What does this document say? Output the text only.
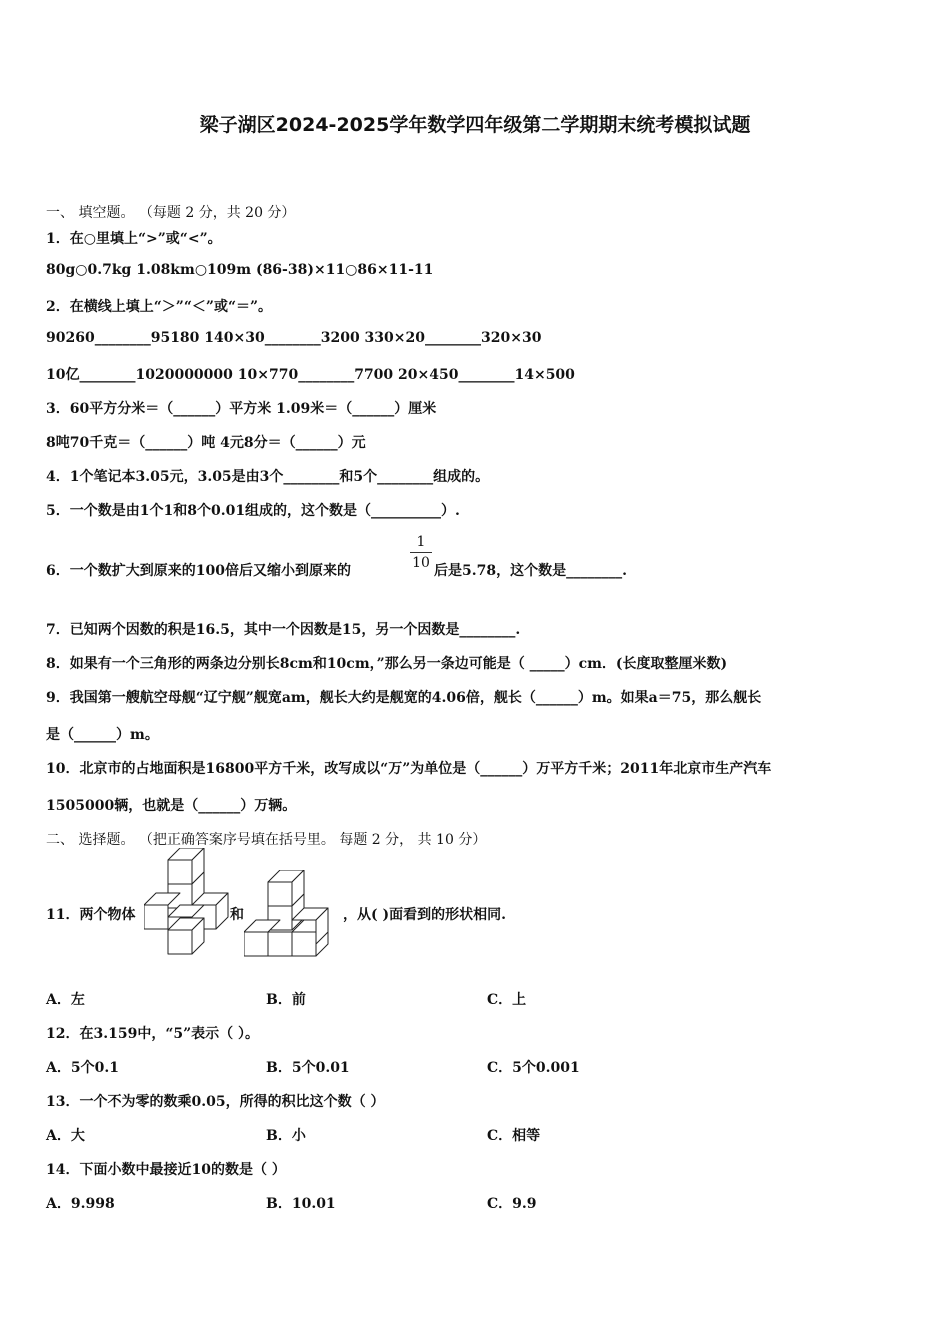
梁子湖区2024-2025学年数学四年级第二学期期末统考模拟试题
一、 填空题。 （每题 2 分，共 20 分）
1．在○里填上“>”或“<”。
80g○0.7kg 1.08km○109m (86-38)×11○86×11-11
2．在横线上填上“＞”“＜”或“＝”。
90260________95180 140×30________3200 330×20________320×30
10亿________1020000000 10×770________7700 20×450________14×500
3．60平方分米＝（______）平方米 1.09米＝（______）厘米
8吨70千克＝（______）吨 4元8分＝（______）元
4．1个笔记本3.05元，3.05是由3个________和5个________组成的。
5．一个数是由1个1和8个0.01组成的，这个数是（__________）.
6．一个数扩大到原来的100倍后又缩小到原来的
1
10 后是5.78，这个数是________.
7．已知两个因数的积是16.5，其中一个因数是15，另一个因数是________.
8．如果有一个三角形的两条边分别长8cm和10cm，”那么另一条边可能是（ _____）cm．(长度取整厘米数)
9．我国第一艘航空母舰“辽宁舰”舰宽am，舰长大约是舰宽的4.06倍，舰长（______）m。如果a＝75，那么舰长
是（______）m。
10．北京市的占地面积是16800平方千米，改写成以“万”为单位是（______）万平方千米；2011年北京市生产汽车
1505000辆，也就是（______）万辆。
二、 选择题。 （把正确答案序号填在括号里。 每题 2 分， 共 10 分）
11．两个物体	和	，从( )面看到的形状相同.
A．左	B．前	C．上
12．在3.159中，“5”表示（ ）。
A．5个0.1	B．5个0.01	C．5个0.001
13．一个不为零的数乘0.05，所得的积比这个数（ ）
A．大	B．小	C．相等
14．下面小数中最接近10的数是（ ）
A．9.998	B．10.01	C．9.9
